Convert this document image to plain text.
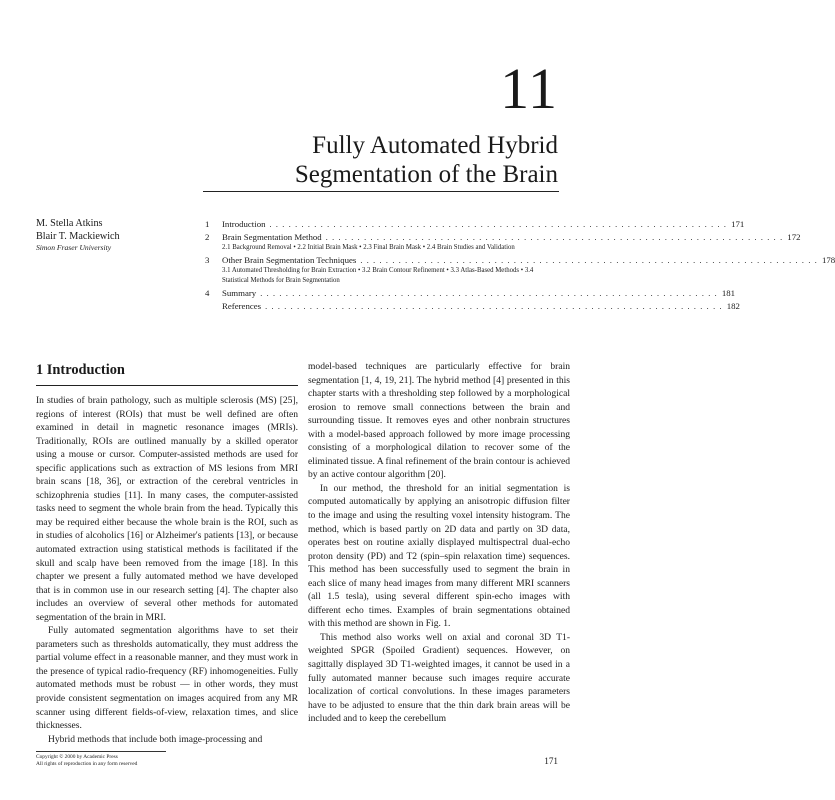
11
Fully Automated Hybrid
Segmentation of the Brain
M. Stella Atkins
Blair T. Mackiewich
Simon Fraser University
1	Introduction . . . . . . . . . . . . . . . . . . . . . . . . . . . . . . . . . . . . . . . . . . . . . . . . . . . . . . . . . . . . . . . . . . . . . . . . 171
2	Brain Segmentation Method . . . . . . . . . . . . . . . . . . . . . . . . . . . . . . . . . . . . . . . . . . . . . . . . . . . . . . . . . . . . . . . . . . . . . . . . 172
2.1 Background Removal • 2.2 Initial Brain Mask • 2.3 Final Brain Mask • 2.4 Brain Studies and Validation
3	Other Brain Segmentation Techniques . . . . . . . . . . . . . . . . . . . . . . . . . . . . . . . . . . . . . . . . . . . . . . . . . . . . . . . . . . . . . . . . . . . . . . . . 178
3.1 Automated Thresholding for Brain Extraction • 3.2 Brain Contour Refinement • 3.3 Atlas-Based Methods • 3.4 Statistical Methods for Brain Segmentation
4	Summary . . . . . . . . . . . . . . . . . . . . . . . . . . . . . . . . . . . . . . . . . . . . . . . . . . . . . . . . . . . . . . . . . . . . . . . . 181
References . . . . . . . . . . . . . . . . . . . . . . . . . . . . . . . . . . . . . . . . . . . . . . . . . . . . . . . . . . . . . . . . . . . . . . . . 182
1 Introduction

In studies of brain pathology, such as multiple sclerosis (MS) [25], regions of interest (ROIs) that must be well defined are often examined in detail in magnetic resonance images (MRIs). Traditionally, ROIs are outlined manually by a skilled operator using a mouse or cursor. Computer-assisted methods are used for specific applications such as extraction of MS lesions from MRI brain scans [18, 36], or extraction of the cerebral ventricles in schizophrenia studies [11]. In many cases, the computer-assisted tasks need to segment the whole brain from the head. Typically this may be required either because the whole brain is the ROI, such as in studies of alcoholics [16] or Alzheimer's patients [13], or because automated extraction using statistical methods is facilitated if the skull and scalp have been removed from the image [18]. In this chapter we present a fully automated method we have developed that is in common use in our research setting [4]. The chapter also includes an overview of several other methods for automated segmentation of the brain in MRI.

Fully automated segmentation algorithms have to set their parameters such as thresholds automatically, they must address the partial volume effect in a reasonable manner, and they must work in the presence of typical radio-frequency (RF) inhomogeneities. Fully automated methods must be robust — in other words, they must provide consistent segmentation on images acquired from any MR scanner using different fields-of-view, relaxation times, and slice thicknesses.

Hybrid methods that include both image-processing and

model-based techniques are particularly effective for brain segmentation [1, 4, 19, 21]. The hybrid method [4] presented in this chapter starts with a thresholding step followed by a morphological erosion to remove small connections between the brain and surrounding tissue. It removes eyes and other nonbrain structures with a model-based approach followed by more image processing consisting of a morphological dilation to recover some of the eliminated tissue. A final refinement of the brain contour is achieved by an active contour algorithm [20].

In our method, the threshold for an initial segmentation is computed automatically by applying an anisotropic diffusion filter to the image and using the resulting voxel intensity histogram. The method, which is based partly on 2D data and partly on 3D data, operates best on routine axially displayed multispectral dual-echo proton density (PD) and T2 (spin–spin relaxation time) sequences. This method has been successfully used to segment the brain in each slice of many head images from many different MRI scanners (all 1.5 tesla), using several different spin-echo images with different echo times. Examples of brain segmentations obtained with this method are shown in Fig. 1.

This method also works well on axial and coronal 3D T1-weighted SPGR (Spoiled Gradient) sequences. However, on sagittally displayed 3D T1-weighted images, it cannot be used in a fully automated manner because such images require accurate localization of cortical convolutions. In these images parameters have to be adjusted to ensure that the thin dark brain areas will be included and to keep the cerebellum

Copyright © 2000 by Academic Press
All rights of reproduction in any form reserved	171
